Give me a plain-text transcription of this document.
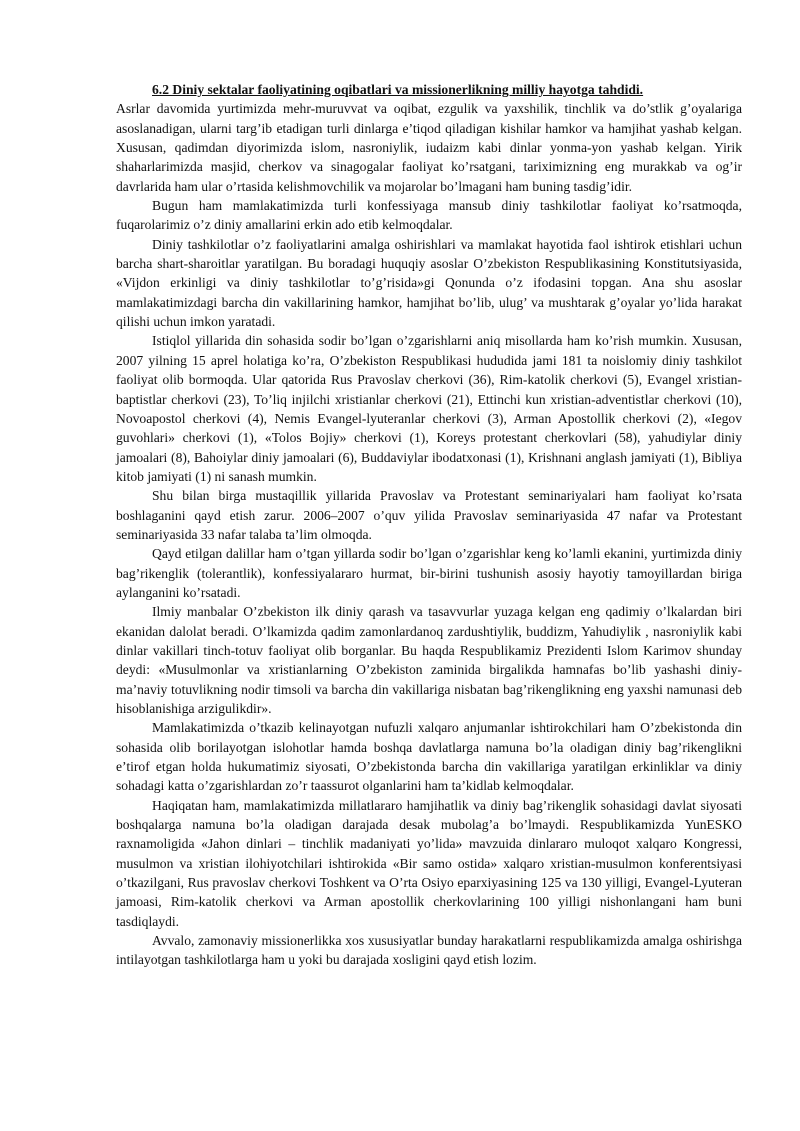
6.2 Diniy sektalar faoliyatining oqibatlari va missionerlikning milliy hayotga tahdidi.

Asrlar davomida yurtimizda mehr-muruvvat va oqibat, ezgulik va yaxshilik, tinchlik va do’stlik g’oyalariga asoslanadigan, ularni targ’ib etadigan turli dinlarga e’tiqod qiladigan kishilar hamkor va hamjihat yashab kelgan. Xususan, qadimdan diyorimizda islom, nasroniylik, iudaizm kabi dinlar yonma-yon yashab kelgan. Yirik shaharlarimizda masjid, cherkov va sinagogalar faoliyat ko’rsatgani, tariximizning eng murakkab va og’ir davrlarida ham ular o’rtasida kelishmovchilik va mojarolar bo’lmagani ham buning tasdig’idir.

Bugun ham mamlakatimizda turli konfessiyaga mansub diniy tashkilotlar faoliyat ko’rsatmoqda, fuqarolarimiz o’z diniy amallarini erkin ado etib kelmoqdalar.

Diniy tashkilotlar o’z faoliyatlarini amalga oshirishlari va mamlakat hayotida faol ishtirok etishlari uchun barcha shart-sharoitlar yaratilgan. Bu boradagi huquqiy asoslar O’zbekiston Respublikasining Konstitutsiyasida, «Vijdon erkinligi va diniy tashkilotlar to’g’risida»gi Qonunda o’z ifodasini topgan. Ana shu asoslar mamlakatimizdagi barcha din vakillarining hamkor, hamjihat bo’lib, ulug’ va mushtarak g’oyalar yo’lida harakat qilishi uchun imkon yaratadi.

Istiqlol yillarida din sohasida sodir bo’lgan o’zgarishlarni aniq misollarda ham ko’rish mumkin. Xususan, 2007 yilning 15 aprel holatiga ko’ra, O’zbekiston Respublikasi hududida jami 181 ta noislomiy diniy tashkilot faoliyat olib bormoqda. Ular qatorida Rus Pravoslav cherkovi (36), Rim-katolik cherkovi (5), Evangel xristian-baptistlar cherkovi (23), To’liq injilchi xristianlar cherkovi (21), Ettinchi kun xristian-adventistlar cherkovi (10), Novoapostol cherkovi (4), Nemis Evangel-lyuteranlar cherkovi (3), Arman Apostollik cherkovi (2), «Iegov guvohlari» cherkovi (1), «Tolos Bojiy» cherkovi (1), Koreys protestant cherkovlari (58), yahudiylar diniy jamoalari (8), Bahoiylar diniy jamoalari (6), Buddaviylar ibodatxonasi (1), Krishnani anglash jamiyati (1), Bibliya kitob jamiyati (1) ni sanash mumkin.

Shu bilan birga mustaqillik yillarida Pravoslav va Protestant seminariyalari ham faoliyat ko’rsata boshlaganini qayd etish zarur. 2006–2007 o’quv yilida Pravoslav seminariyasida 47 nafar va Protestant seminariyasida 33 nafar talaba ta’lim olmoqda.

Qayd etilgan dalillar ham o’tgan yillarda sodir bo’lgan o’zgarishlar keng ko’lamli ekanini, yurtimizda diniy bag’rikenglik (tolerantlik), konfessiyalararo hurmat, bir-birini tushunish asosiy hayotiy tamoyillardan biriga aylanganini ko’rsatadi.

Ilmiy manbalar O’zbekiston ilk diniy qarash va tasavvurlar yuzaga kelgan eng qadimiy o’lkalardan biri ekanidan dalolat beradi. O’lkamizda qadim zamonlardanoq zardushtiylik, buddizm, Yahudiylik , nasroniylik kabi dinlar vakillari tinch-totuv faoliyat olib borganlar. Bu haqda Respublikamiz Prezidenti Islom Karimov shunday deydi: «Musulmonlar va xristianlarning O’zbekiston zaminida birgalikda hamnafas bo’lib yashashi diniy-ma’naviy totuvlikning nodir timsoli va barcha din vakillariga nisbatan bag’rikenglikning eng yaxshi namunasi deb hisoblanishiga arzigulikdir».

Mamlakatimizda o’tkazib kelinayotgan nufuzli xalqaro anjumanlar ishtirokchilari ham O’zbekistonda din sohasida olib borilayotgan islohotlar hamda boshqa davlatlarga namuna bo’la oladigan diniy bag’rikenglikni e’tirof etgan holda hukumatimiz siyosati, O’zbekistonda barcha din vakillariga yaratilgan erkinliklar va diniy sohadagi katta o’zgarishlardan zo’r taassurot olganlarini ham ta’kidlab kelmoqdalar.

Haqiqatan ham, mamlakatimizda millatlararo hamjihatlik va diniy bag’rikenglik sohasidagi davlat siyosati boshqalarga namuna bo’la oladigan darajada desak mubolag’a bo’lmaydi. Respublikamizda YunESKO raxnamoligida «Jahon dinlari – tinchlik madaniyati yo’lida» mavzuida dinlararo muloqot xalqaro Kongressi, musulmon va xristian ilohiyotchilari ishtirokida «Bir samo ostida» xalqaro xristian-musulmon konferentsiyasi o’tkazilgani, Rus pravoslav cherkovi Toshkent va O’rta Osiyo eparxiyasining 125 va 130 yilligi, Evangel-Lyuteran jamoasi, Rim-katolik cherkovi va Arman apostollik cherkovlarining 100 yilligi nishonlangani ham buni tasdiqlaydi.

Avvalo, zamonaviy missionerlikka xos xususiyatlar bunday harakatlarni respublikamizda amalga oshirishga intilayotgan tashkilotlarga ham u yoki bu darajada xosligini qayd etish lozim.
